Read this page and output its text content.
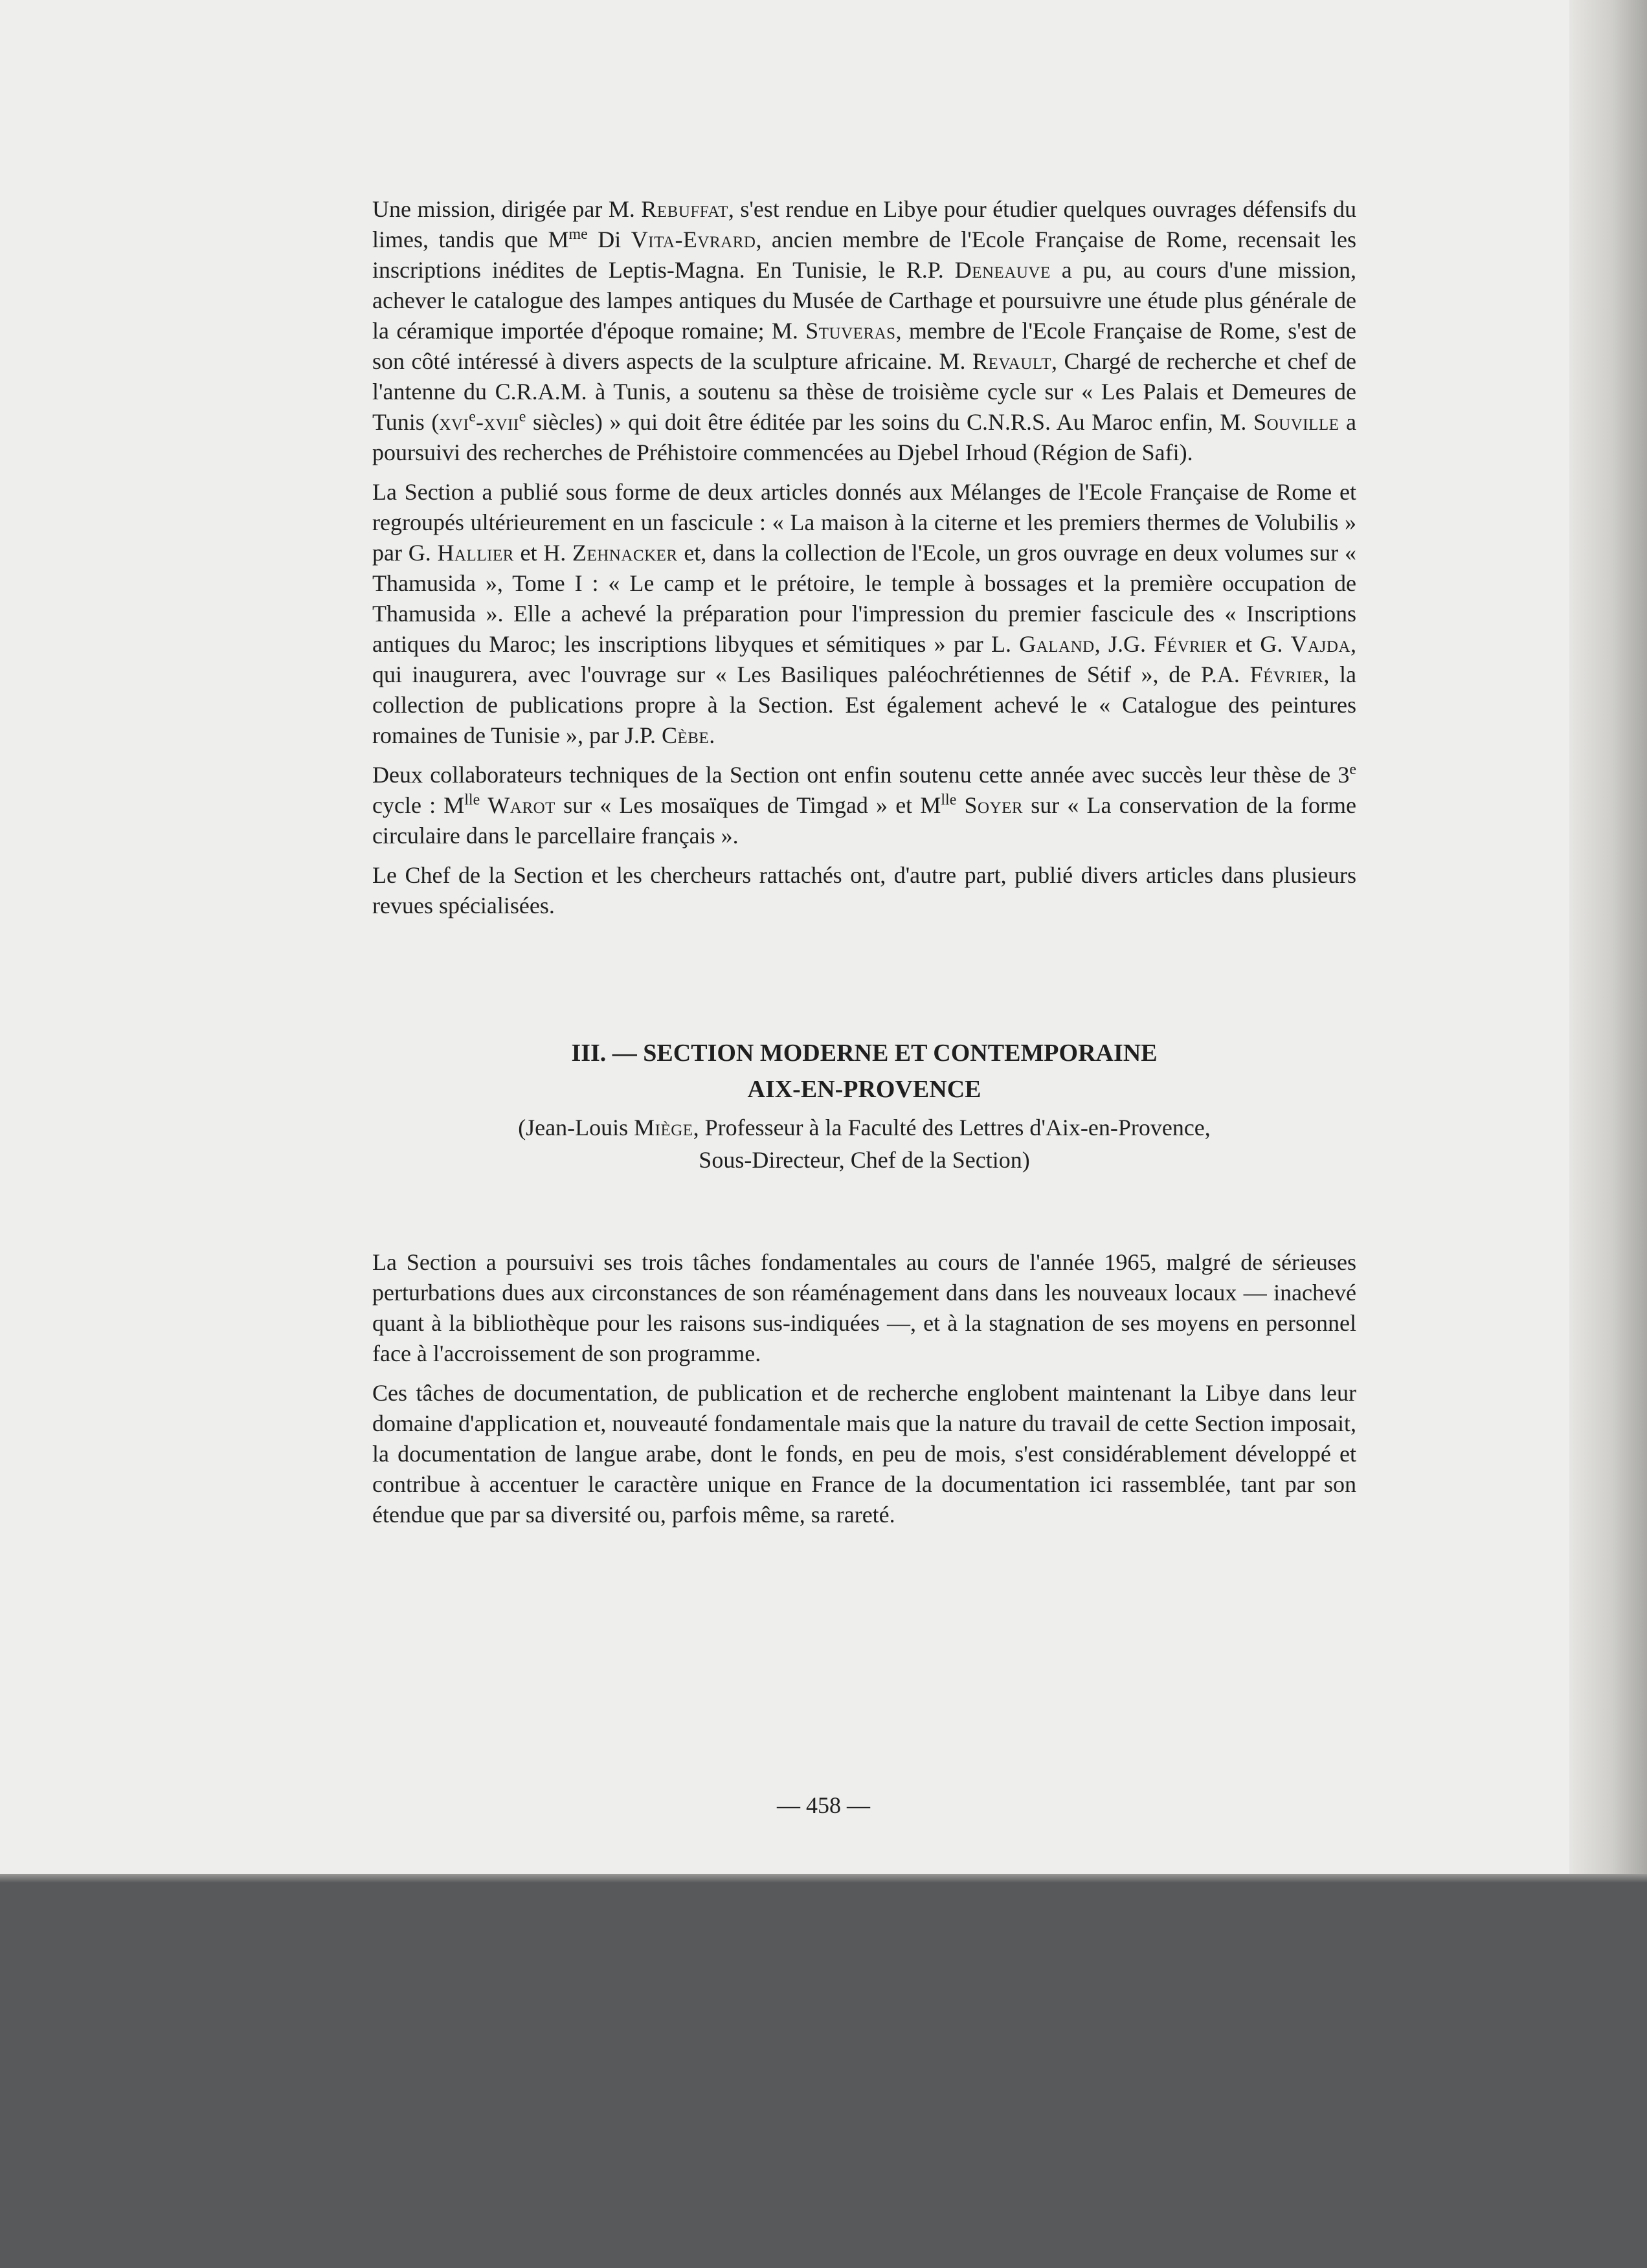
Une mission, dirigée par M. Rebuffat, s'est rendue en Libye pour étudier quelques ouvrages défensifs du limes, tandis que $M^{me}$ Di Vita-Evrard, ancien membre de l'Ecole Française de Rome, recensait les inscriptions inédites de Leptis-Magna. En Tunisie, le R.P. Deneauve a pu, au cours d'une mission, achever le catalogue des lampes antiques du Musée de Carthage et poursuivre une étude plus générale de la céramique importée d'époque romaine; M. Stuveras, membre de l'Ecole Française de Rome, s'est de son côté intéressé à divers aspects de la sculpture africaine. M. Revault, Chargé de recherche et chef de l'antenne du C.R.A.M. à Tunis, a soutenu sa thèse de troisième cycle sur « Les Palais et Demeures de Tunis (xvi$^e$-xvii$^e$ siècles) » qui doit être éditée par les soins du C.N.R.S. Au Maroc enfin, M. Souville a poursuivi des recherches de Préhistoire commencées au Djebel Irhoud (Région de Safi).

La Section a publié sous forme de deux articles donnés aux Mélanges de l'Ecole Française de Rome et regroupés ultérieurement en un fascicule : « La maison à la citerne et les premiers thermes de Volubilis » par G. Hallier et H. Zehnacker et, dans la collection de l'Ecole, un gros ouvrage en deux volumes sur « Thamusida », Tome I : « Le camp et le prétoire, le temple à bossages et la première occupation de Thamusida ». Elle a achevé la préparation pour l'impression du premier fascicule des « Inscriptions antiques du Maroc; les inscriptions libyques et sémitiques » par L. Galand, J.G. Février et G. Vajda, qui inaugurera, avec l'ouvrage sur « Les Basiliques paléochrétiennes de Sétif », de P.A. Février, la collection de publications propre à la Section. Est également achevé le « Catalogue des peintures romaines de Tunisie », par J.P. Cèbe.

Deux collaborateurs techniques de la Section ont enfin soutenu cette année avec succès leur thèse de 3e cycle : $M^{lle}$ Warot sur « Les mosaïques de Timgad » et $M^{lle}$ Soyer sur « La conservation de la forme circulaire dans le parcellaire français ».

Le Chef de la Section et les chercheurs rattachés ont, d'autre part, publié divers articles dans plusieurs revues spécialisées.

III. — SECTION MODERNE ET CONTEMPORAINE

AIX-EN-PROVENCE

(Jean-Louis Miège, Professeur à la Faculté des Lettres d'Aix-en-Provence,

Sous-Directeur, Chef de la Section)

La Section a poursuivi ses trois tâches fondamentales au cours de l'année 1965, malgré de sérieuses perturbations dues aux circonstances de son réaménagement dans dans les nouveaux locaux — inachevé quant à la bibliothèque pour les raisons sus-indiquées —, et à la stagnation de ses moyens en personnel face à l'accroissement de son programme.

Ces tâches de documentation, de publication et de recherche englobent maintenant la Libye dans leur domaine d'application et, nouveauté fondamentale mais que la nature du travail de cette Section imposait, la documentation de langue arabe, dont le fonds, en peu de mois, s'est considérablement développé et contribue à accentuer le caractère unique en France de la documentation ici rassemblée, tant par son étendue que par sa diversité ou, parfois même, sa rareté.

— 458 —
